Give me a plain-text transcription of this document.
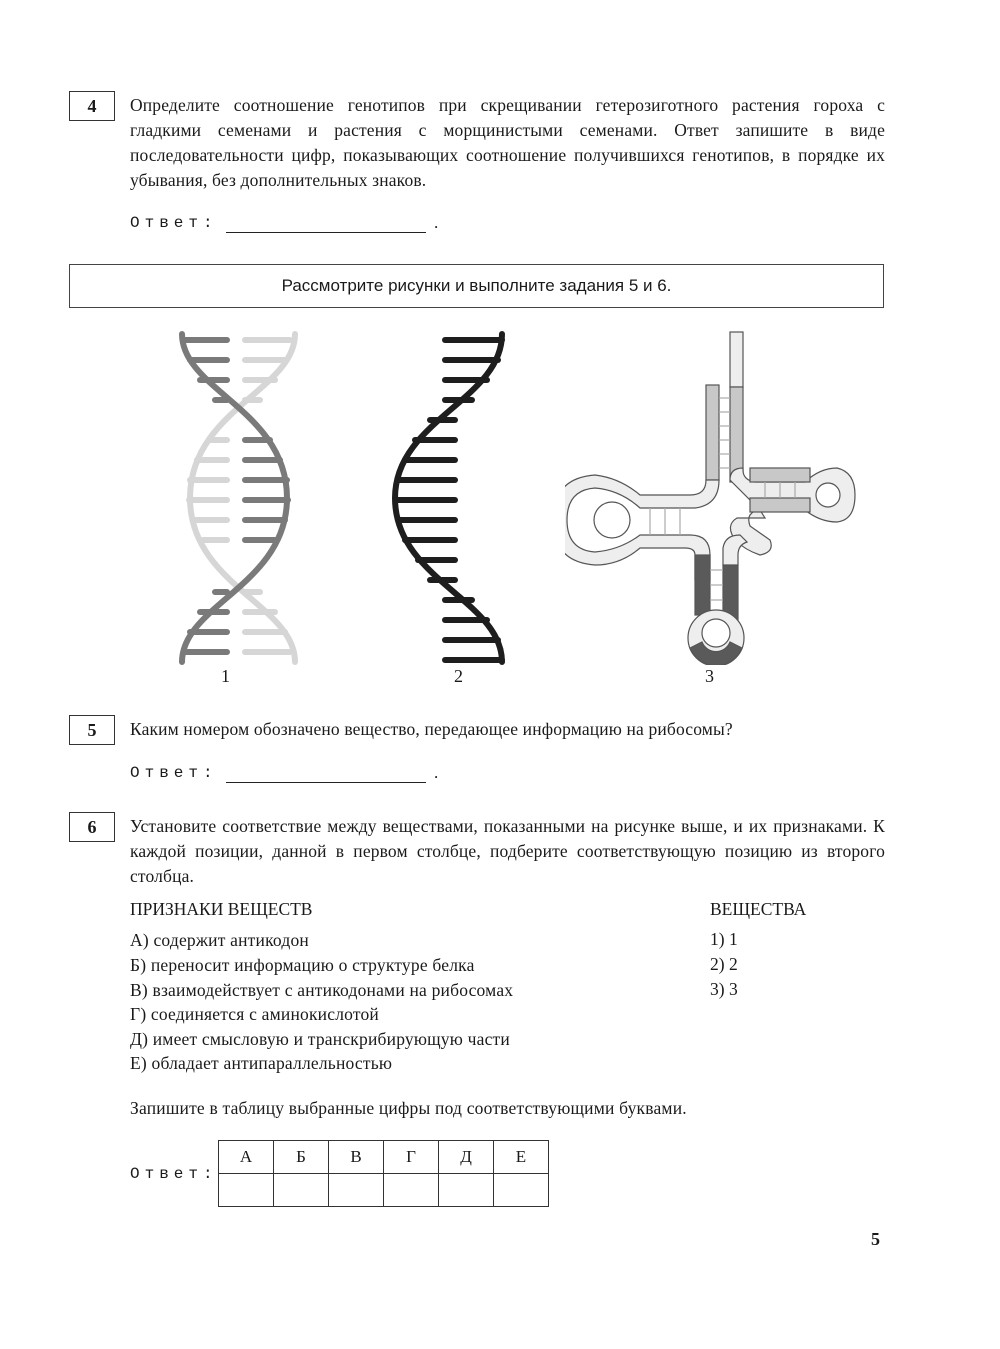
4	Определите соотношение генотипов при скрещивании гетерозиготного растения гороха с гладкими семенами и растения с морщинистыми семенами. Ответ запишите в виде последовательности цифр, показывающих соотношение получившихся генотипов, в порядке их убывания, без дополнительных знаков.
Ответ:	.
Рассмотрите рисунки и выполните задания 5 и 6.
1	2	3
5	Каким номером обозначено вещество, передающее информацию на рибосомы?
Ответ:	.
6	Установите соответствие между веществами, показанными на рисунке выше, и их признаками. К каждой позиции, данной в первом столбце, подберите соответствующую позицию из второго столбца.
ПРИЗНАКИ ВЕЩЕСТВ	ВЕЩЕСТВА
А) содержит антикодон
Б) переносит информацию о структуре белка
В) взаимодействует с антикодонами на рибосомах
Г) соединяется с аминокислотой
Д) имеет смысловую и транскрибирующую части
Е) обладает антипараллельностью
1) 1
2) 2
3) 3
Запишите в таблицу выбранные цифры под соответствующими буквами.
Ответ:
А	Б	В	Г	Д	Е

5
